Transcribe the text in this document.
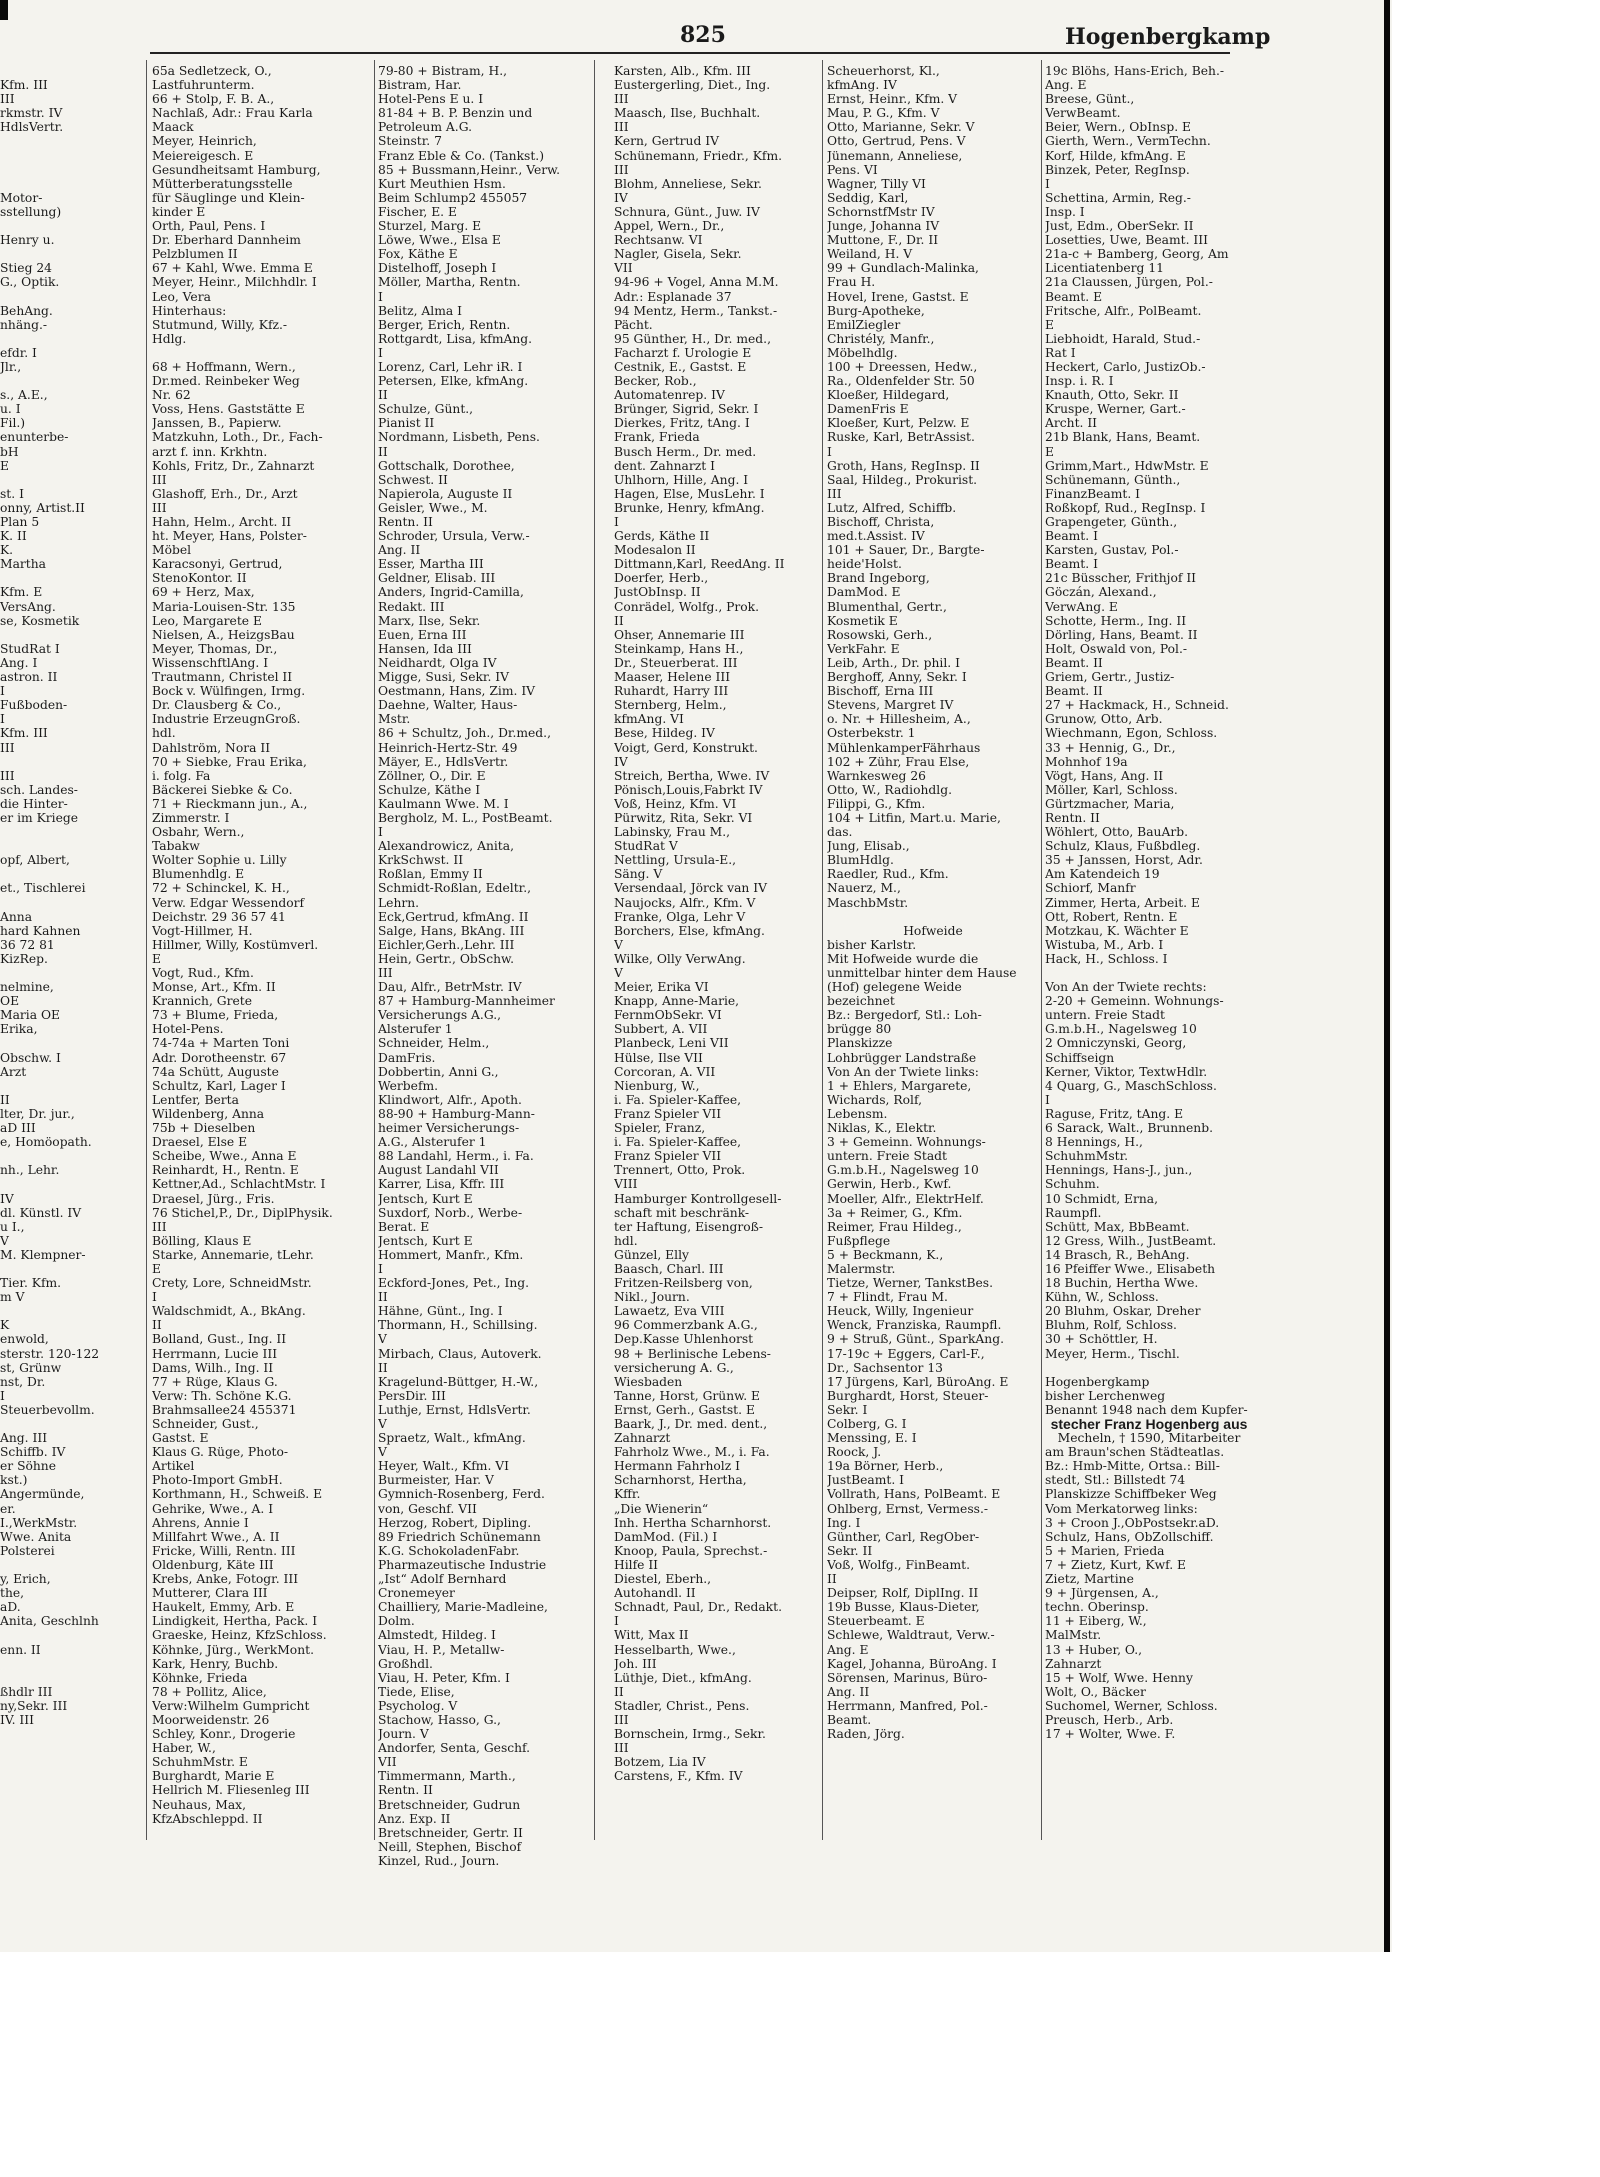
825	Hogenbergkamp
Kfm. III
III
rkmstr. IV
HdlsVertr.
Motor-
sstellung)
Henry u.
Stieg 24
G., Optik.
BehAng.
nhäng.-
efdr. I
Jlr.,
s., A.E.,
u. I
Fil.)
enunterbe-
bH
E
st. I
onny, Artist.II
Plan 5
K. II
K.
Martha
Kfm. E
VersAng.
se, Kosmetik
StudRat I
Ang. I
astron. II
I
Fußboden-
I
Kfm. III
III
III
sch. Landes-
die Hinter-
er im Kriege
opf, Albert,
et., Tischlerei
Anna
hard Kahnen
36 72 81
KizRep.
nelmine,
OE
Maria OE
Erika,
Obschw. I
Arzt
II
lter, Dr. jur.,
aD III
e, Homöopath.
nh., Lehr.
IV
dl. Künstl. IV
u I.,
V
M. Klempner-
Tier. Kfm.
m V
K
enwold,
sterstr. 120-122
st, Grünw
nst, Dr.
I
Steuerbevollm.
Ang. III
Schiffb. IV
er Söhne
kst.)
Angermünde,
er.
I.,WerkMstr.
Wwe. Anita
Polsterei
y, Erich,
the,
aD.
Anita, Geschlnh
enn. II
ßhdlr III
ny,Sekr. III
IV. III
65a Sedletzeck, O.,
Lastfuhrunterm.
66 + Stolp, F. B. A.,
Nachlaß, Adr.: Frau Karla
Maack
Meyer, Heinrich,
Meiereigesch. E
Gesundheitsamt Hamburg,
Mütterberatungsstelle
für Säuglinge und Klein-
kinder E
Orth, Paul, Pens. I
Dr. Eberhard Dannheim
Pelzblumen II
67 + Kahl, Wwe. Emma E
Meyer, Heinr., Milchhdlr. I
Leo, Vera
Hinterhaus:
Stutmund, Willy, Kfz.-
Hdlg.
68 + Hoffmann, Wern.,
Dr.med. Reinbeker Weg
Nr. 62
Voss, Hens. Gaststätte E
Janssen, B., Papierw.
Matzkuhn, Loth., Dr., Fach-
arzt f. inn. Krkhtn.
Kohls, Fritz, Dr., Zahnarzt
III
Glashoff, Erh., Dr., Arzt
III
Hahn, Helm., Archt. II
ht. Meyer, Hans, Polster-
Möbel
Karacsonyi, Gertrud,
StenoKontor. II
69 + Herz, Max,
Maria-Louisen-Str. 135
Leo, Margarete E
Nielsen, A., HeizgsBau
Meyer, Thomas, Dr.,
WissenschftlAng. I
Trautmann, Christel II
Bock v. Wülfingen, Irmg.
Dr. Clausberg & Co.,
Industrie ErzeugnGroß.
hdl.
Dahlström, Nora II
70 + Siebke, Frau Erika,
i. folg. Fa
Bäckerei Siebke & Co.
71 + Rieckmann jun., A.,
Zimmerstr. I
Osbahr, Wern.,
Tabakw
Wolter Sophie u. Lilly
Blumenhdlg. E
72 + Schinckel, K. H.,
Verw. Edgar Wessendorf
Deichstr. 29 36 57 41
Vogt-Hillmer, H.
Hillmer, Willy, Kostümverl.
E
Vogt, Rud., Kfm.
Monse, Art., Kfm. II
Krannich, Grete
73 + Blume, Frieda,
Hotel-Pens.
74-74a + Marten Toni
Adr. Dorotheenstr. 67
74a Schütt, Auguste
Schultz, Karl, Lager I
Lentfer, Berta
Wildenberg, Anna
75b + Dieselben
Draesel, Else E
Scheibe, Wwe., Anna E
Reinhardt, H., Rentn. E
Kettner,Ad., SchlachtMstr. I
Draesel, Jürg., Fris.
76 Stichel,P., Dr., DiplPhysik.
III
Bölling, Klaus E
Starke, Annemarie, tLehr.
E
Crety, Lore, SchneidMstr.
I
Waldschmidt, A., BkAng.
II
Bolland, Gust., Ing. II
Herrmann, Lucie III
Dams, Wilh., Ing. II
77 + Rüge, Klaus G.
Verw: Th. Schöne K.G.
Brahmsallee24 455371
Schneider, Gust.,
Gastst. E
Klaus G. Rüge, Photo-
Artikel
Photo-Import GmbH.
Korthmann, H., Schweiß. E
Gehrike, Wwe., A. I
Ahrens, Annie I
Millfahrt Wwe., A. II
Fricke, Willi, Rentn. III
Oldenburg, Käte III
Krebs, Anke, Fotogr. III
Mutterer, Clara III
Haukelt, Emmy, Arb. E
Lindigkeit, Hertha, Pack. I
Graeske, Heinz, KfzSchloss.
Köhnke, Jürg., WerkMont.
Kark, Henry, Buchb.
Köhnke, Frieda
78 + Pollitz, Alice,
Verw:Wilhelm Gumpricht
Moorweidenstr. 26
Schley, Konr., Drogerie
Haber, W.,
SchuhmMstr. E
Burghardt, Marie E
Hellrich M. Fliesenleg III
Neuhaus, Max,
KfzAbschleppd. II
79-80 + Bistram, H.,
Bistram, Har.
Hotel-Pens E u. I
81-84 + B. P. Benzin und
Petroleum A.G.
Steinstr. 7
Franz Eble & Co. (Tankst.)
85 + Bussmann,Heinr., Verw.
Kurt Meuthien Hsm.
Beim Schlump2 455057
Fischer, E. E
Sturzel, Marg. E
Löwe, Wwe., Elsa E
Fox, Käthe E
Distelhoff, Joseph I
Möller, Martha, Rentn.
I
Belitz, Alma I
Berger, Erich, Rentn.
Rottgardt, Lisa, kfmAng.
I
Lorenz, Carl, Lehr iR. I
Petersen, Elke, kfmAng.
II
Schulze, Günt.,
Pianist II
Nordmann, Lisbeth, Pens.
II
Gottschalk, Dorothee,
Schwest. II
Napierola, Auguste II
Geisler, Wwe., M.
Rentn. II
Schroder, Ursula, Verw.-
Ang. II
Esser, Martha III
Geldner, Elisab. III
Anders, Ingrid-Camilla,
Redakt. III
Marx, Ilse, Sekr.
Euen, Erna III
Hansen, Ida III
Neidhardt, Olga IV
Migge, Susi, Sekr. IV
Oestmann, Hans, Zim. IV
Daehne, Walter, Haus-
Mstr.
86 + Schultz, Joh., Dr.med.,
Heinrich-Hertz-Str. 49
Mäyer, E., HdlsVertr.
Zöllner, O., Dir. E
Schulze, Käthe I
Kaulmann Wwe. M. I
Bergholz, M. L., PostBeamt.
I
Alexandrowicz, Anita,
KrkSchwst. II
Roßlan, Emmy II
Schmidt-Roßlan, Edeltr.,
Lehrn.
Eck,Gertrud, kfmAng. II
Salge, Hans, BkAng. III
Eichler,Gerh.,Lehr. III
Hein, Gertr., ObSchw.
III
Dau, Alfr., BetrMstr. IV
87 + Hamburg-Mannheimer
Versicherungs A.G.,
Alsterufer 1
Schneider, Helm.,
DamFris.
Dobbertin, Anni G.,
Werbefm.
Klindwort, Alfr., Apoth.
88-90 + Hamburg-Mann-
heimer Versicherungs-
A.G., Alsterufer 1
88 Landahl, Herm., i. Fa.
August Landahl VII
Karrer, Lisa, Kffr. III
Jentsch, Kurt E
Suxdorf, Norb., Werbe-
Berat. E
Jentsch, Kurt E
Hommert, Manfr., Kfm.
I
Eckford-Jones, Pet., Ing.
II
Hähne, Günt., Ing. I
Thormann, H., Schillsing.
V
Mirbach, Claus, Autoverk.
II
Kragelund-Büttger, H.-W.,
PersDir. III
Luthje, Ernst, HdlsVertr.
V
Spraetz, Walt., kfmAng.
V
Heyer, Walt., Kfm. VI
Burmeister, Har. V
Gymnich-Rosenberg, Ferd.
von, Geschf. VII
Herzog, Robert, Dipling.
89 Friedrich Schünemann
K.G. SchokoladenFabr.
Pharmazeutische Industrie
„Ist“ Adolf Bernhard
Cronemeyer
Chailliery, Marie-Madleine,
Dolm.
Almstedt, Hildeg. I
Viau, H. P., Metallw-
Großhdl.
Viau, H. Peter, Kfm. I
Tiede, Elise,
Psycholog. V
Stachow, Hasso, G.,
Journ. V
Andorfer, Senta, Geschf.
VII
Timmermann, Marth.,
Rentn. II
Bretschneider, Gudrun
Anz. Exp. II
Bretschneider, Gertr. II
Neill, Stephen, Bischof
Kinzel, Rud., Journ.
Karsten, Alb., Kfm. III
Eustergerling, Diet., Ing.
III
Maasch, Ilse, Buchhalt.
III
Kern, Gertrud IV
Schünemann, Friedr., Kfm.
III
Blohm, Anneliese, Sekr.
IV
Schnura, Günt., Juw. IV
Appel, Wern., Dr.,
Rechtsanw. VI
Nagler, Gisela, Sekr.
VII
94-96 + Vogel, Anna M.M.
Adr.: Esplanade 37
94 Mentz, Herm., Tankst.-
Pächt.
95 Günther, H., Dr. med.,
Facharzt f. Urologie E
Cestnik, E., Gastst. E
Becker, Rob.,
Automatenrep. IV
Brünger, Sigrid, Sekr. I
Dierkes, Fritz, tAng. I
Frank, Frieda
Busch Herm., Dr. med.
dent. Zahnarzt I
Uhlhorn, Hille, Ang. I
Hagen, Else, MusLehr. I
Brunke, Henry, kfmAng.
I
Gerds, Käthe II
Modesalon II
Dittmann,Karl, ReedAng. II
Doerfer, Herb.,
JustObInsp. II
Conrädel, Wolfg., Prok.
II
Ohser, Annemarie III
Steinkamp, Hans H.,
Dr., Steuerberat. III
Maaser, Helene III
Ruhardt, Harry III
Sternberg, Helm.,
kfmAng. VI
Bese, Hildeg. IV
Voigt, Gerd, Konstrukt.
IV
Streich, Bertha, Wwe. IV
Pönisch,Louis,Fabrkt IV
Voß, Heinz, Kfm. VI
Pürwitz, Rita, Sekr. VI
Labinsky, Frau M.,
StudRat V
Nettling, Ursula-E.,
Säng. V
Versendaal, Jörck van IV
Naujocks, Alfr., Kfm. V
Franke, Olga, Lehr V
Borchers, Else, kfmAng.
V
Wilke, Olly VerwAng.
V
Meier, Erika VI
Knapp, Anne-Marie,
FernmObSekr. VI
Subbert, A. VII
Planbeck, Leni VII
Hülse, Ilse VII
Corcoran, A. VII
Nienburg, W.,
i. Fa. Spieler-Kaffee,
Franz Spieler VII
Spieler, Franz,
i. Fa. Spieler-Kaffee,
Franz Spieler VII
Trennert, Otto, Prok.
VIII
Hamburger Kontrollgesell-
schaft mit beschränk-
ter Haftung, Eisengroß-
hdl.
Günzel, Elly
Baasch, Charl. III
Fritzen-Reilsberg von,
Nikl., Journ.
Lawaetz, Eva VIII
96 Commerzbank A.G.,
Dep.Kasse Uhlenhorst
98 + Berlinische Lebens-
versicherung A. G.,
Wiesbaden
Tanne, Horst, Grünw. E
Ernst, Gerh., Gastst. E
Baark, J., Dr. med. dent.,
Zahnarzt
Fahrholz Wwe., M., i. Fa.
Hermann Fahrholz I
Scharnhorst, Hertha,
Kffr.
„Die Wienerin“
Inh. Hertha Scharnhorst.
DamMod. (Fil.) I
Knoop, Paula, Sprechst.-
Hilfe II
Diestel, Eberh.,
Autohandl. II
Schnadt, Paul, Dr., Redakt.
I
Witt, Max II
Hesselbarth, Wwe.,
Joh. III
Lüthje, Diet., kfmAng.
II
Stadler, Christ., Pens.
III
Bornschein, Irmg., Sekr.
III
Botzem, Lia IV
Carstens, F., Kfm. IV
Scheuerhorst, Kl.,
kfmAng. IV
Ernst, Heinr., Kfm. V
Mau, P. G., Kfm. V
Otto, Marianne, Sekr. V
Otto, Gertrud, Pens. V
Jünemann, Anneliese,
Pens. VI
Wagner, Tilly VI
Seddig, Karl,
SchornstfMstr IV
Junge, Johanna IV
Muttone, F., Dr. II
Weiland, H. V
99 + Gundlach-Malinka,
Frau H.
Hovel, Irene, Gastst. E
Burg-Apotheke,
EmilZiegler
Christély, Manfr.,
Möbelhdlg.
100 + Dreessen, Hedw.,
Ra., Oldenfelder Str. 50
Kloeßer, Hildegard,
DamenFris E
Kloeßer, Kurt, Pelzw. E
Ruske, Karl, BetrAssist.
I
Groth, Hans, RegInsp. II
Saal, Hildeg., Prokurist.
III
Lutz, Alfred, Schiffb.
Bischoff, Christa,
med.t.Assist. IV
101 + Sauer, Dr., Bargte-
heide'Holst.
Brand Ingeborg,
DamMod. E
Blumenthal, Gertr.,
Kosmetik E
Rosowski, Gerh.,
VerkFahr. E
Leib, Arth., Dr. phil. I
Berghoff, Anny, Sekr. I
Bischoff, Erna III
Stevens, Margret IV
o. Nr. + Hillesheim, A.,
Osterbekstr. 1
MühlenkamperFährhaus
102 + Zühr, Frau Else,
Warnkesweg 26
Otto, W., Radiohdlg.
Filippi, G., Kfm.
104 + Litfin, Mart.u. Marie,
das.
Jung, Elisab.,
BlumHdlg.
Raedler, Rud., Kfm.
Nauerz, M.,
MaschbMstr.
Hofweide
bisher Karlstr.
Mit Hofweide wurde die
unmittelbar hinter dem Hause
(Hof) gelegene Weide
bezeichnet
Bz.: Bergedorf, Stl.: Loh-
brügge 80
Planskizze
Lohbrügger Landstraße
Von An der Twiete links:
1 + Ehlers, Margarete,
Wichards, Rolf,
Lebensm.
Niklas, K., Elektr.
3 + Gemeinn. Wohnungs-
untern. Freie Stadt
G.m.b.H., Nagelsweg 10
Gerwin, Herb., Kwf.
Moeller, Alfr., ElektrHelf.
3a + Reimer, G., Kfm.
Reimer, Frau Hildeg.,
Fußpflege
5 + Beckmann, K.,
Malermstr.
Tietze, Werner, TankstBes.
7 + Flindt, Frau M.
Heuck, Willy, Ingenieur
Wenck, Franziska, Raumpfl.
9 + Struß, Günt., SparkAng.
17-19c + Eggers, Carl-F.,
Dr., Sachsentor 13
17 Jürgens, Karl, BüroAng. E
Burghardt, Horst, Steuer-
Sekr. I
Colberg, G. I
Menssing, E. I
Roock, J.
19a Börner, Herb.,
JustBeamt. I
Vollrath, Hans, PolBeamt. E
Ohlberg, Ernst, Vermess.-
Ing. I
Günther, Carl, RegOber-
Sekr. II
Voß, Wolfg., FinBeamt.
II
Deipser, Rolf, DiplIng. II
19b Busse, Klaus-Dieter,
Steuerbeamt. E
Schlewe, Waldtraut, Verw.-
Ang. E
Kagel, Johanna, BüroAng. I
Sörensen, Marinus, Büro-
Ang. II
Herrmann, Manfred, Pol.-
Beamt.
Raden, Jörg.
19c Blöhs, Hans-Erich, Beh.-
Ang. E
Breese, Günt.,
VerwBeamt.
Beier, Wern., ObInsp. E
Gierth, Wern., VermTechn.
Korf, Hilde, kfmAng. E
Binzek, Peter, RegInsp.
I
Schettina, Armin, Reg.-
Insp. I
Just, Edm., OberSekr. II
Losetties, Uwe, Beamt. III
21a-c + Bamberg, Georg, Am
Licentiatenberg 11
21a Claussen, Jürgen, Pol.-
Beamt. E
Fritsche, Alfr., PolBeamt.
E
Liebhoidt, Harald, Stud.-
Rat I
Heckert, Carlo, JustizOb.-
Insp. i. R. I
Knauth, Otto, Sekr. II
Kruspe, Werner, Gart.-
Archt. II
21b Blank, Hans, Beamt.
E
Grimm,Mart., HdwMstr. E
Schünemann, Günth.,
FinanzBeamt. I
Roßkopf, Rud., RegInsp. I
Grapengeter, Günth.,
Beamt. I
Karsten, Gustav, Pol.-
Beamt. I
21c Büsscher, Frithjof II
Göczán, Alexand.,
VerwAng. E
Schotte, Herm., Ing. II
Dörling, Hans, Beamt. II
Holt, Oswald von, Pol.-
Beamt. II
Griem, Gertr., Justiz-
Beamt. II
27 + Hackmack, H., Schneid.
Grunow, Otto, Arb.
Wiechmann, Egon, Schloss.
33 + Hennig, G., Dr.,
Mohnhof 19a
Vögt, Hans, Ang. II
Möller, Karl, Schloss.
Gürtzmacher, Maria,
Rentn. II
Wöhlert, Otto, BauArb.
Schulz, Klaus, Fußbdleg.
35 + Janssen, Horst, Adr.
Am Katendeich 19
Schiorf, Manfr
Zimmer, Herta, Arbeit. E
Ott, Robert, Rentn. E
Motzkau, K. Wächter E
Wistuba, M., Arb. I
Hack, H., Schloss. I
Von An der Twiete rechts:
2-20 + Gemeinn. Wohnungs-
untern. Freie Stadt
G.m.b.H., Nagelsweg 10
2 Omniczynski, Georg,
Schiffseign
Kerner, Viktor, TextwHdlr.
4 Quarg, G., MaschSchloss.
I
Raguse, Fritz, tAng. E
6 Sarack, Walt., Brunnenb.
8 Hennings, H.,
SchuhmMstr.
Hennings, Hans-J., jun.,
Schuhm.
10 Schmidt, Erna,
Raumpfl.
Schütt, Max, BbBeamt.
12 Gress, Wilh., JustBeamt.
14 Brasch, R., BehAng.
16 Pfeiffer Wwe., Elisabeth
18 Buchin, Hertha Wwe.
Kühn, W., Schloss.
20 Bluhm, Oskar, Dreher
Bluhm, Rolf, Schloss.
30 + Schöttler, H.
Meyer, Herm., Tischl.
Hogenbergkamp
bisher Lerchenweg
Benannt 1948 nach dem Kupfer-
stecher Franz Hogenberg aus
Mecheln, † 1590, Mitarbeiter
am Braun'schen Städteatlas.
Bz.: Hmb-Mitte, Ortsa.: Bill-
stedt, Stl.: Billstedt 74
Planskizze Schiffbeker Weg
Vom Merkatorweg links:
3 + Croon J.,ObPostsekr.aD.
Schulz, Hans, ObZollschiff.
5 + Marien, Frieda
7 + Zietz, Kurt, Kwf. E
Zietz, Martine
9 + Jürgensen, A.,
techn. Oberinsp.
11 + Eiberg, W.,
MalMstr.
13 + Huber, O.,
Zahnarzt
15 + Wolf, Wwe. Henny
Wolt, O., Bäcker
Suchomel, Werner, Schloss.
Preusch, Herb., Arb.
17 + Wolter, Wwe. F.
